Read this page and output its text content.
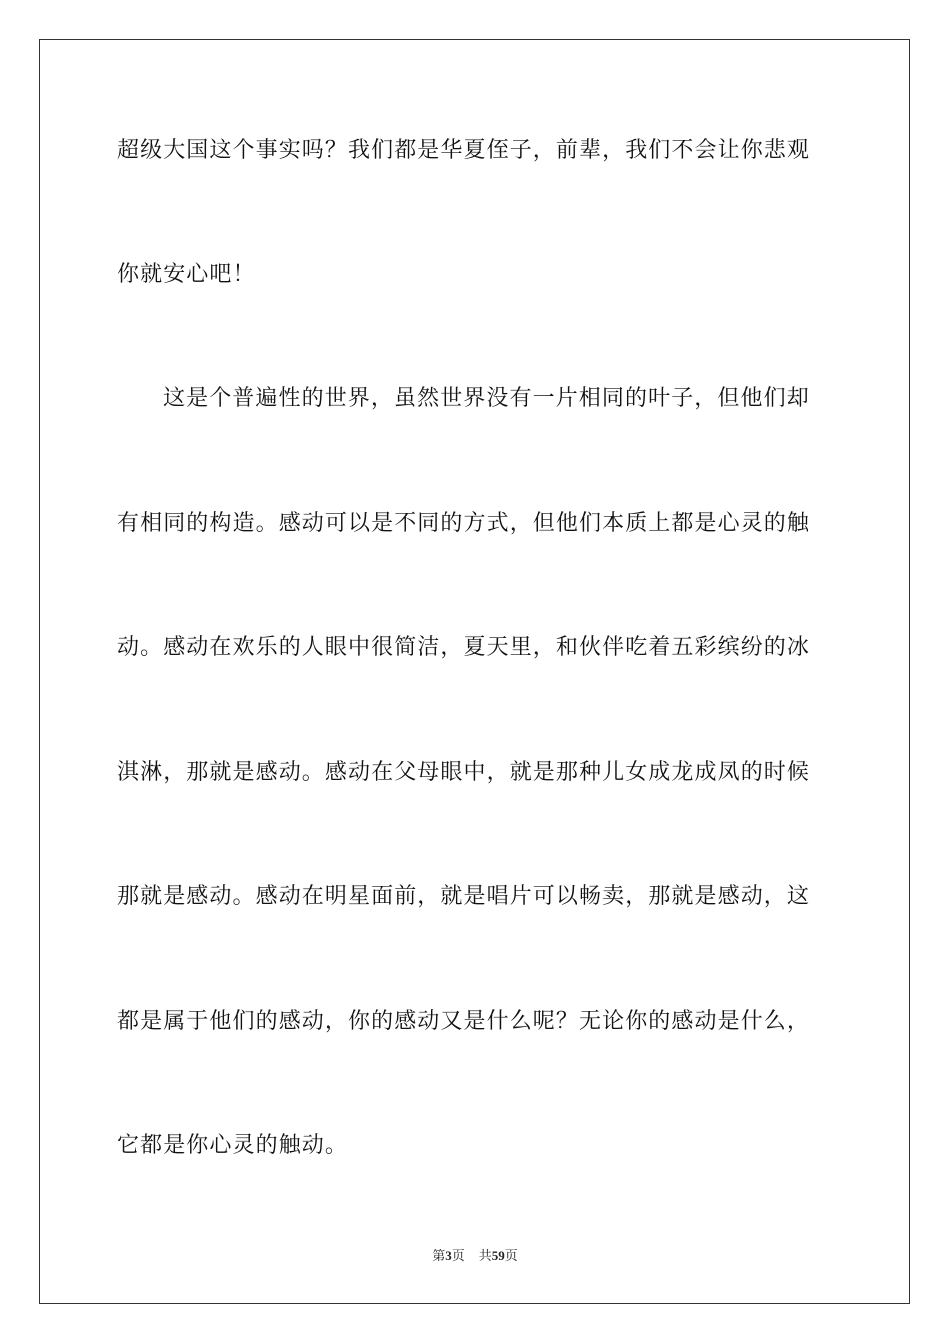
超级大国这个事实吗？我们都是华夏侄子，前辈，我们不会让你悲观
你就安心吧！
这是个普遍性的世界，虽然世界没有一片相同的叶子，但他们却
有相同的构造。感动可以是不同的方式，但他们本质上都是心灵的触
动。感动在欢乐的人眼中很简洁，夏天里，和伙伴吃着五彩缤纷的冰
淇淋，那就是感动。感动在父母眼中，就是那种儿女成龙成凤的时候
那就是感动。感动在明星面前，就是唱片可以畅卖，那就是感动，这
都是属于他们的感动，你的感动又是什么呢？无论你的感动是什么，
它都是你心灵的触动。
第3页 共59页
